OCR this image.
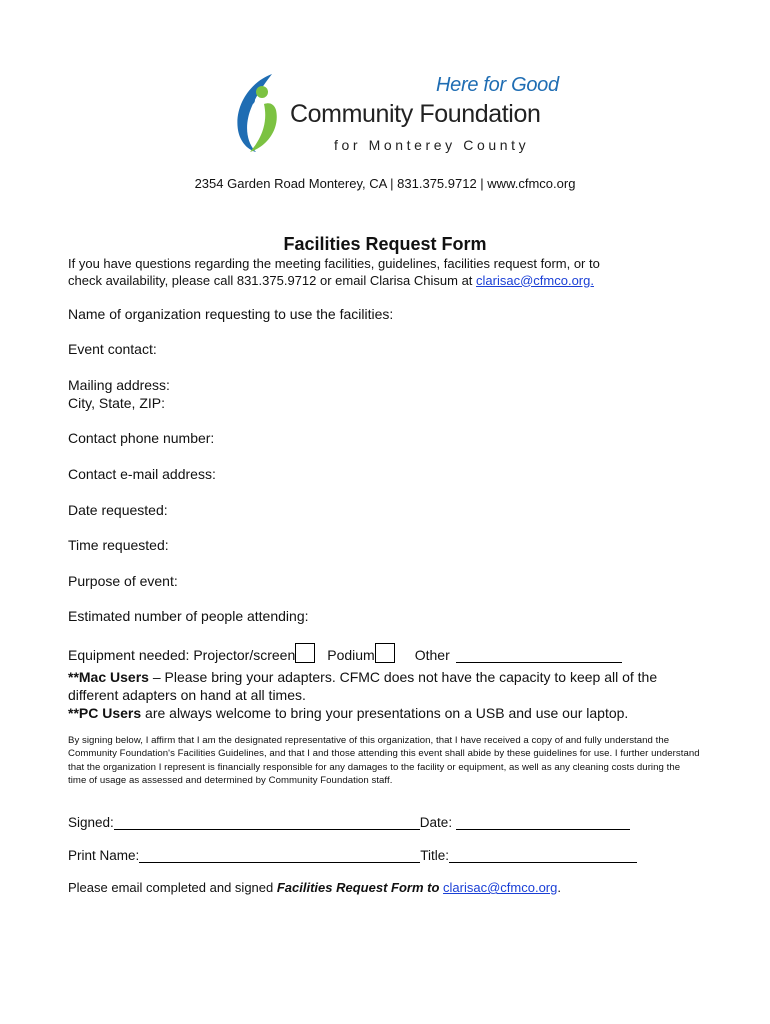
Here for Good
Community Foundation
for Monterey County
2354 Garden Road Monterey, CA | 831.375.9712 | www.cfmco.org
Facilities Request Form
If you have questions regarding the meeting facilities, guidelines, facilities request form, or to
check availability, please call 831.375.9712 or email Clarisa Chisum at clarisac@cfmco.org.
Name of organization requesting to use the facilities:
Event contact:
Mailing address:
City, State, ZIP:
Contact phone number:
Contact e-mail address:
Date requested:
Time requested:
Purpose of event:
Estimated number of people attending:
Equipment needed: Projector/screen Podium	Other
**Mac Users – Please bring your adapters. CFMC does not have the capacity to keep all of the different adapters on hand at all times.
**PC Users are always welcome to bring your presentations on a USB and use our laptop.
By signing below, I affirm that I am the designated representative of this organization, that I have received a copy of and fully understand the Community Foundation's Facilities Guidelines, and that I and those attending this event shall abide by these guidelines for use. I further understand that the organization I represent is financially responsible for any damages to the facility or equipment, as well as any cleaning costs during the time of usage as assessed and determined by Community Foundation staff.
Signed:	Date:
Print Name:	Title:
Please email completed and signed Facilities Request Form to clarisac@cfmco.org.
